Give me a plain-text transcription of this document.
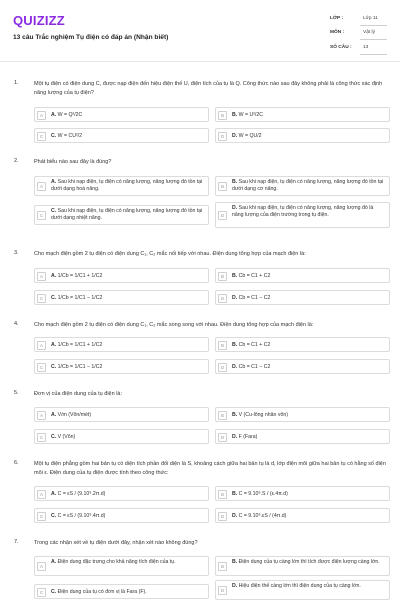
QUIZIZZ
13 câu Trắc nghiệm Tụ điện có đáp án (Nhận biết)
LỚP :	Lớp 11
MÔN :	Vật lý
SỐ CÂU : 13
1.	Một tụ điện có điện dung C, được nạp điện đến hiệu điện thế U, điện tích của tụ là Q. Công thức nào sau đây không phải là công thức xác định năng lượng của tụ điện?
A	A. W = Q²/2C	B	B. W = U²/2C
C	C. W = CU²/2	D	D. W = QU/2
2.	Phát biểu nào sau đây là đúng?
A
A. Sau khi nạp điện, tụ điện có năng lượng, năng lượng đó tồn tại dưới dạng hoá năng.	B
B. Sau khi nạp điện, tụ điện có năng lượng, năng lượng đó tồn tại dưới dạng cơ năng.
C
C. Sau khi nạp điện, tụ điện có năng lượng, năng lượng đó tồn tại dưới dạng nhiệt năng.	D
D. Sau khi nạp điện, tụ điện có năng lượng, năng lượng đó là năng lượng của điện trường trong tụ điện.
3.	Cho mạch điện gồm 2 tụ điện có điện dung C₁, C₂ mắc nối tiếp với nhau. Điện dung tổng hợp của mạch điện là:
A	A. 1/Cb = 1/C1 + 1/C2	B	B. Cb = C1 + C2
C	C. 1/Cb = 1/C1 − 1/C2	D	D. Cb = C1 − C2
4.	Cho mạch điện gồm 2 tụ điện có điện dung C₁, C₂ mắc song song với nhau. Điện dung tổng hợp của mạch điện là:
A	A. 1/Cb = 1/C1 + 1/C2	B	B. Cb = C1 + C2
C	C. 1/Cb = 1/C1 − 1/C2	D	D. Cb = C1 − C2
5.	Đơn vị của điện dung của tụ điện là:
A	A. V/m (Vôn/mét)	B	B. V (Cu-lông nhân vôn)
C	C. V (Vôn)	D	D. F (Fara)
6.	Một tụ điện phẳng gồm hai bản tụ có diện tích phần đối diện là S, khoảng cách giữa hai bản tụ là d, lớp điện môi giữa hai bản tụ có hằng số điện môi ε. Điện dung của tụ điện được tính theo công thức:
A	A. C = εS / (9.10⁹.2π.d)	B	B. C = 9.10⁹.S / (ε.4π.d)
C	C. C = εS / (9.10⁹.4π.d)	D	D. C = 9.10⁹.εS / (4π.d)
7.	Trong các nhận xét về tụ điện dưới đây, nhận xét nào không đúng?
A
A. Điện dung đặc trưng cho khả năng tích điện của tụ.
B
B. Điện dung của tụ càng lớn thì tích được điện lượng càng lớn.
C	C. Điện dung của tụ có đơn vị là Fara (F).	D
D. Hiệu điện thế càng lớn thì điện dung của tụ càng lớn.
